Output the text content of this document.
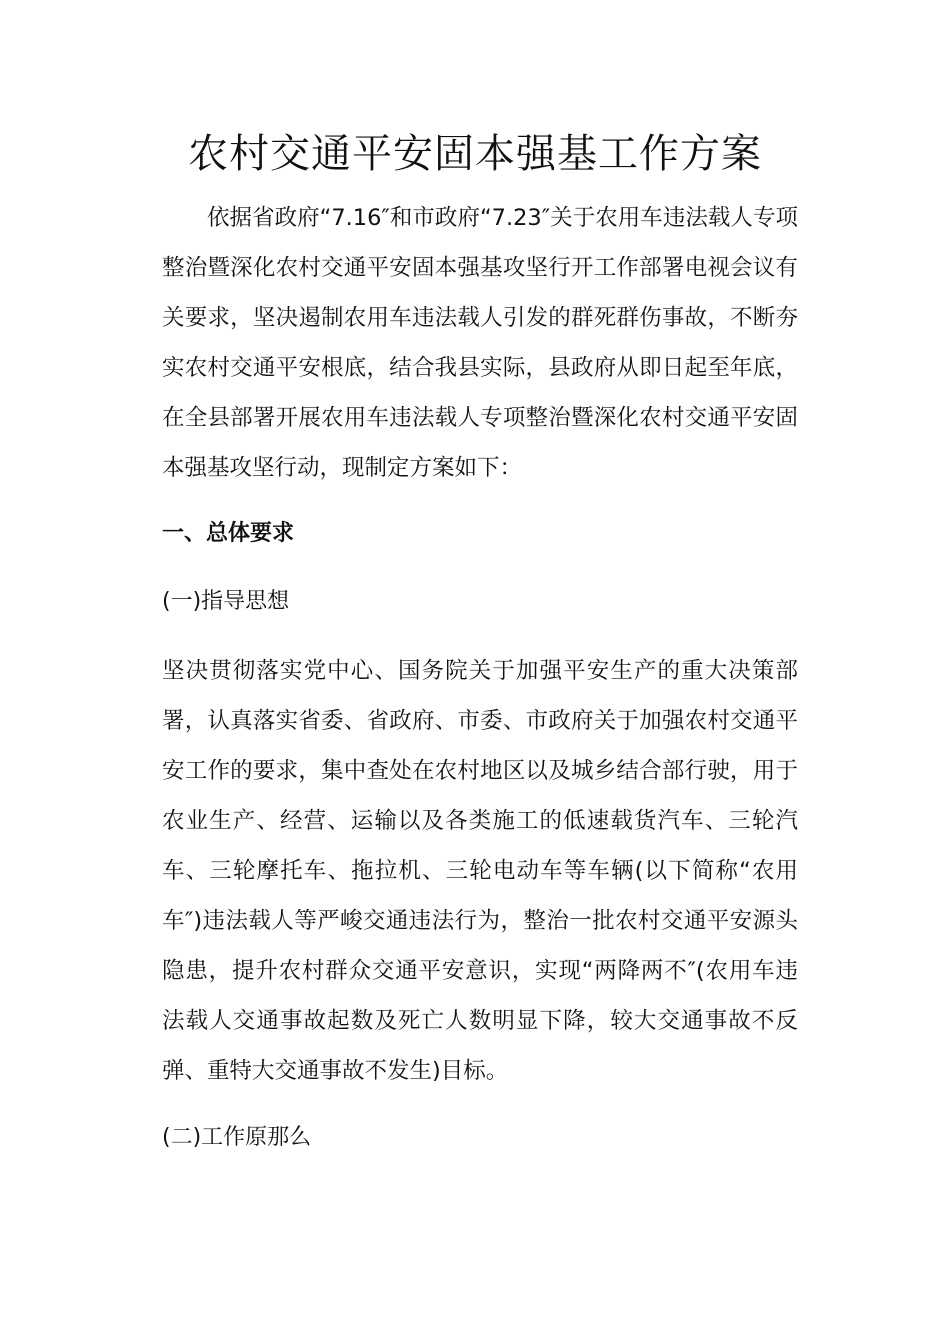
农村交通平安固本强基工作方案
依据省政府“7.16″和市政府“7.23″关于农用车违法载人专项整治暨深化农村交通平安固本强基攻坚行开工作部署电视会议有关要求，坚决遏制农用车违法载人引发的群死群伤事故，不断夯实农村交通平安根底，结合我县实际，县政府从即日起至年底，在全县部署开展农用车违法载人专项整治暨深化农村交通平安固本强基攻坚行动，现制定方案如下：
一、总体要求
(一)指导思想
坚决贯彻落实党中心、国务院关于加强平安生产的重大决策部署，认真落实省委、省政府、市委、市政府关于加强农村交通平安工作的要求，集中查处在农村地区以及城乡结合部行驶，用于农业生产、经营、运输以及各类施工的低速载货汽车、三轮汽车、三轮摩托车、拖拉机、三轮电动车等车辆(以下简称“农用车″)违法载人等严峻交通违法行为，整治一批农村交通平安源头隐患，提升农村群众交通平安意识，实现“两降两不″(农用车违法载人交通事故起数及死亡人数明显下降，较大交通事故不反弹、重特大交通事故不发生)目标。
(二)工作原那么
